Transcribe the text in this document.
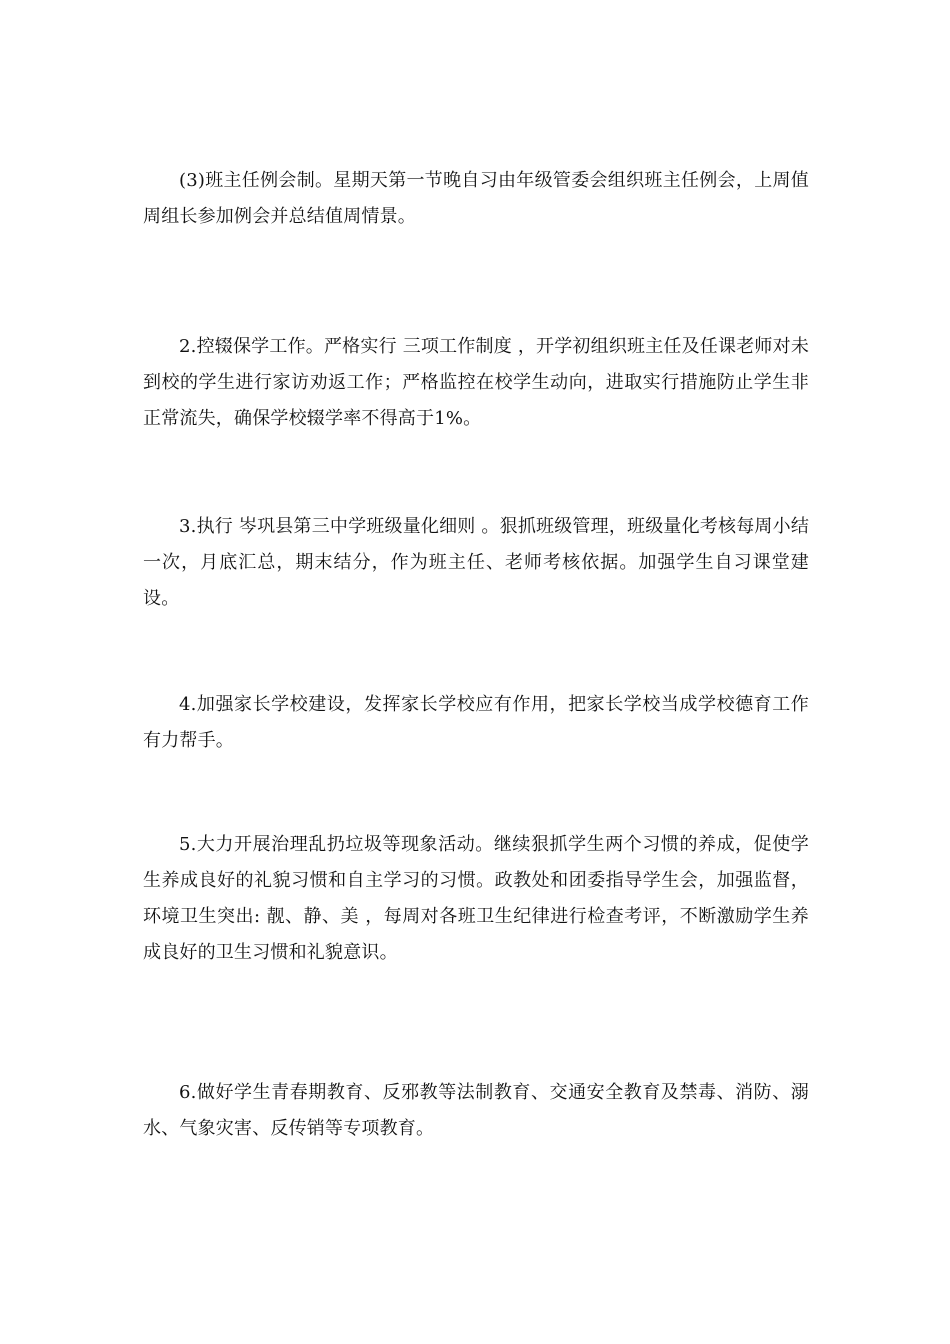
(3)班主任例会制。星期天第一节晚自习由年级管委会组织班主任例会，上周值周组长参加例会并总结值周情景。

2.控辍保学工作。严格实行 三项工作制度 ，开学初组织班主任及任课老师对未到校的学生进行家访劝返工作；严格监控在校学生动向，进取实行措施防止学生非正常流失，确保学校辍学率不得高于1%。

3.执行 岑巩县第三中学班级量化细则 。狠抓班级管理，班级量化考核每周小结一次，月底汇总，期末结分，作为班主任、老师考核依据。加强学生自习课堂建设。

4.加强家长学校建设，发挥家长学校应有作用，把家长学校当成学校德育工作有力帮手。

5.大力开展治理乱扔垃圾等现象活动。继续狠抓学生两个习惯的养成，促使学生养成良好的礼貌习惯和自主学习的习惯。政教处和团委指导学生会，加强监督，环境卫生突出: 靓、静、美 ，每周对各班卫生纪律进行检查考评，不断激励学生养成良好的卫生习惯和礼貌意识。

6.做好学生青春期教育、反邪教等法制教育、交通安全教育及禁毒、消防、溺水、气象灾害、反传销等专项教育。
